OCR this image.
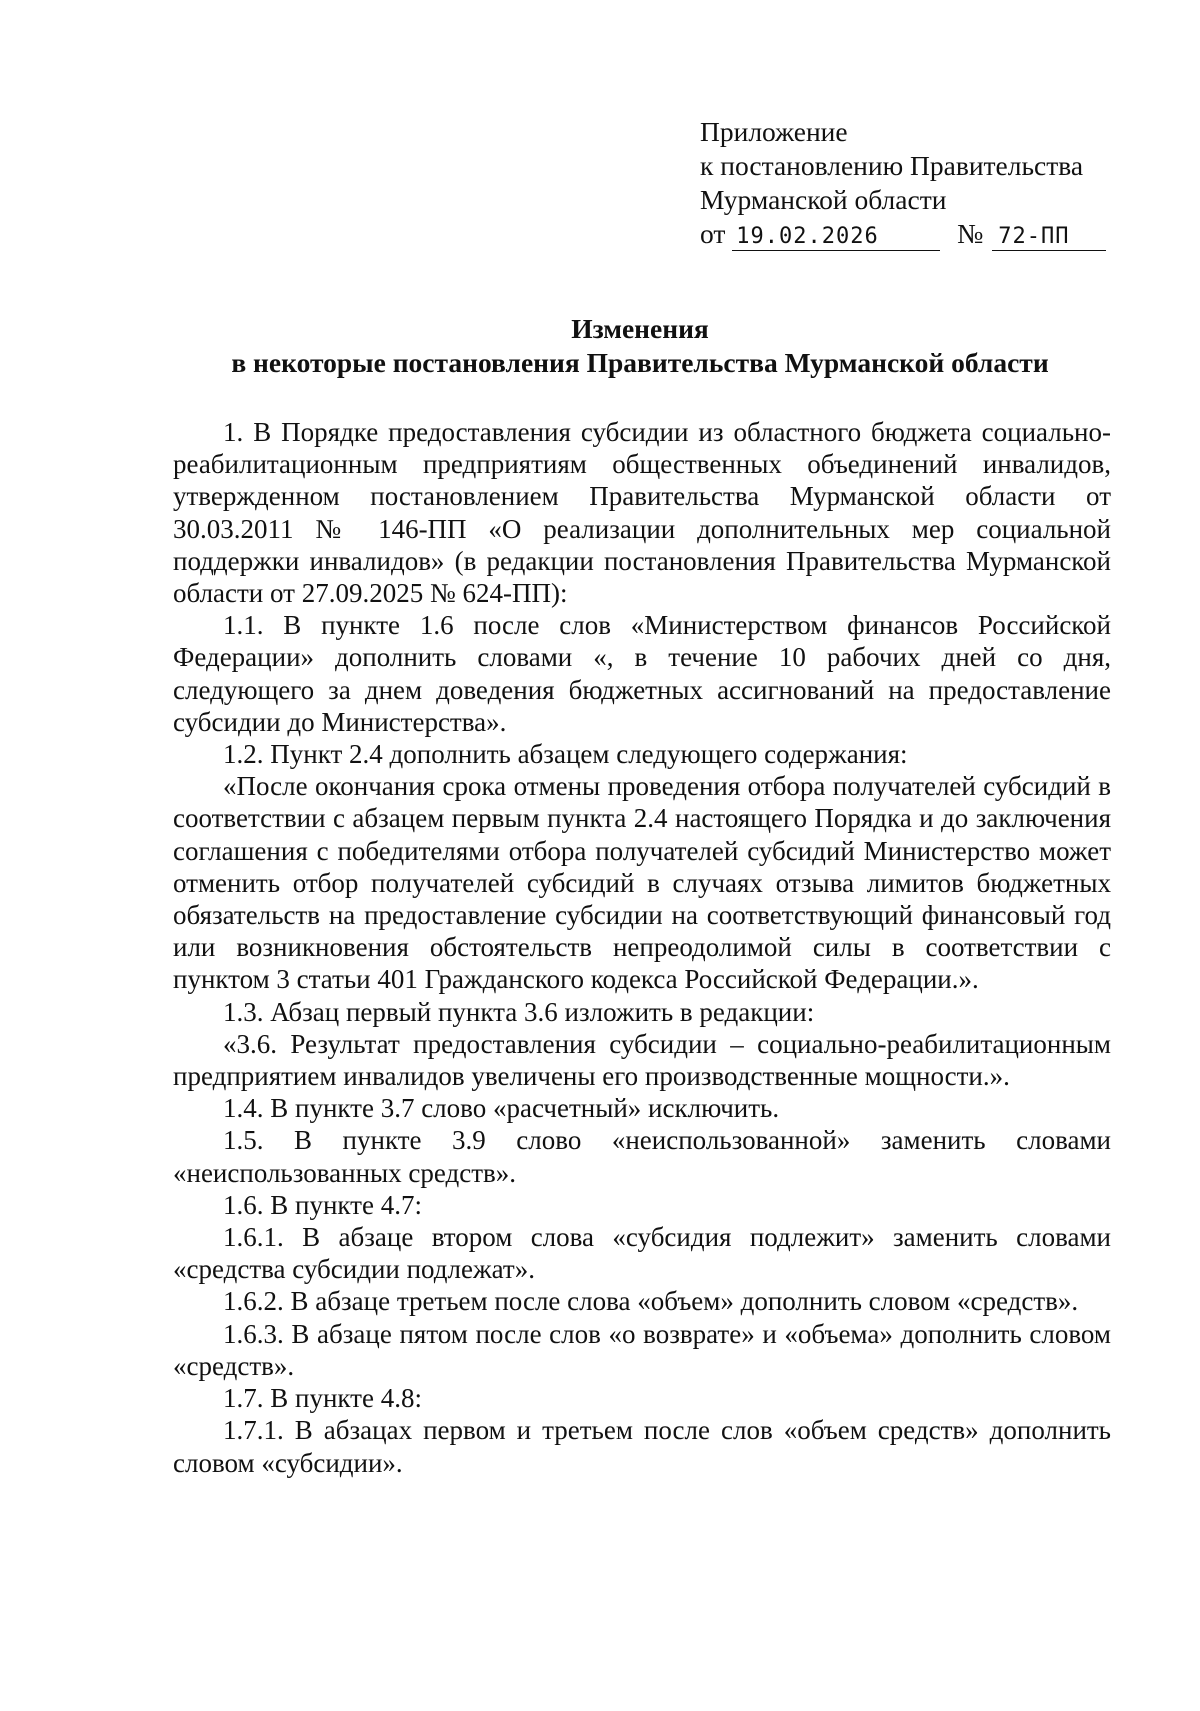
Приложение
к постановлению Правительства
Мурманской области
от 19.02.2026	№ 72-ПП
Изменения
в некоторые постановления Правительства Мурманской области

1. В Порядке предоставления субсидии из областного бюджета социально-реабилитационным предприятиям общественных объединений инвалидов, утвержденном постановлением Правительства Мурманской области от 30.03.2011 № 146-ПП «О реализации дополнительных мер социальной поддержки инвалидов» (в редакции постановления Правительства Мурманской области от 27.09.2025 № 624-ПП):

1.1. В пункте 1.6 после слов «Министерством финансов Российской Федерации» дополнить словами «, в течение 10 рабочих дней со дня, следующего за днем доведения бюджетных ассигнований на предоставление субсидии до Министерства».

1.2. Пункт 2.4 дополнить абзацем следующего содержания:

«После окончания срока отмены проведения отбора получателей субсидий в соответствии с абзацем первым пункта 2.4 настоящего Порядка и до заключения соглашения с победителями отбора получателей субсидий Министерство может отменить отбор получателей субсидий в случаях отзыва лимитов бюджетных обязательств на предоставление субсидии на соответствующий финансовый год или возникновения обстоятельств непреодолимой силы в соответствии с пунктом 3 статьи 401 Гражданского кодекса Российской Федерации.».

1.3. Абзац первый пункта 3.6 изложить в редакции:

«3.6. Результат предоставления субсидии – социально-реабилитационным предприятием инвалидов увеличены его производственные мощности.».

1.4. В пункте 3.7 слово «расчетный» исключить.

1.5. В пункте 3.9 слово «неиспользованной» заменить словами «неиспользованных средств».

1.6. В пункте 4.7:

1.6.1. В абзаце втором слова «субсидия подлежит» заменить словами «средства субсидии подлежат».

1.6.2. В абзаце третьем после слова «объем» дополнить словом «средств».

1.6.3. В абзаце пятом после слов «о возврате» и «объема» дополнить словом «средств».

1.7. В пункте 4.8:

1.7.1. В абзацах первом и третьем после слов «объем средств» дополнить словом «субсидии».
